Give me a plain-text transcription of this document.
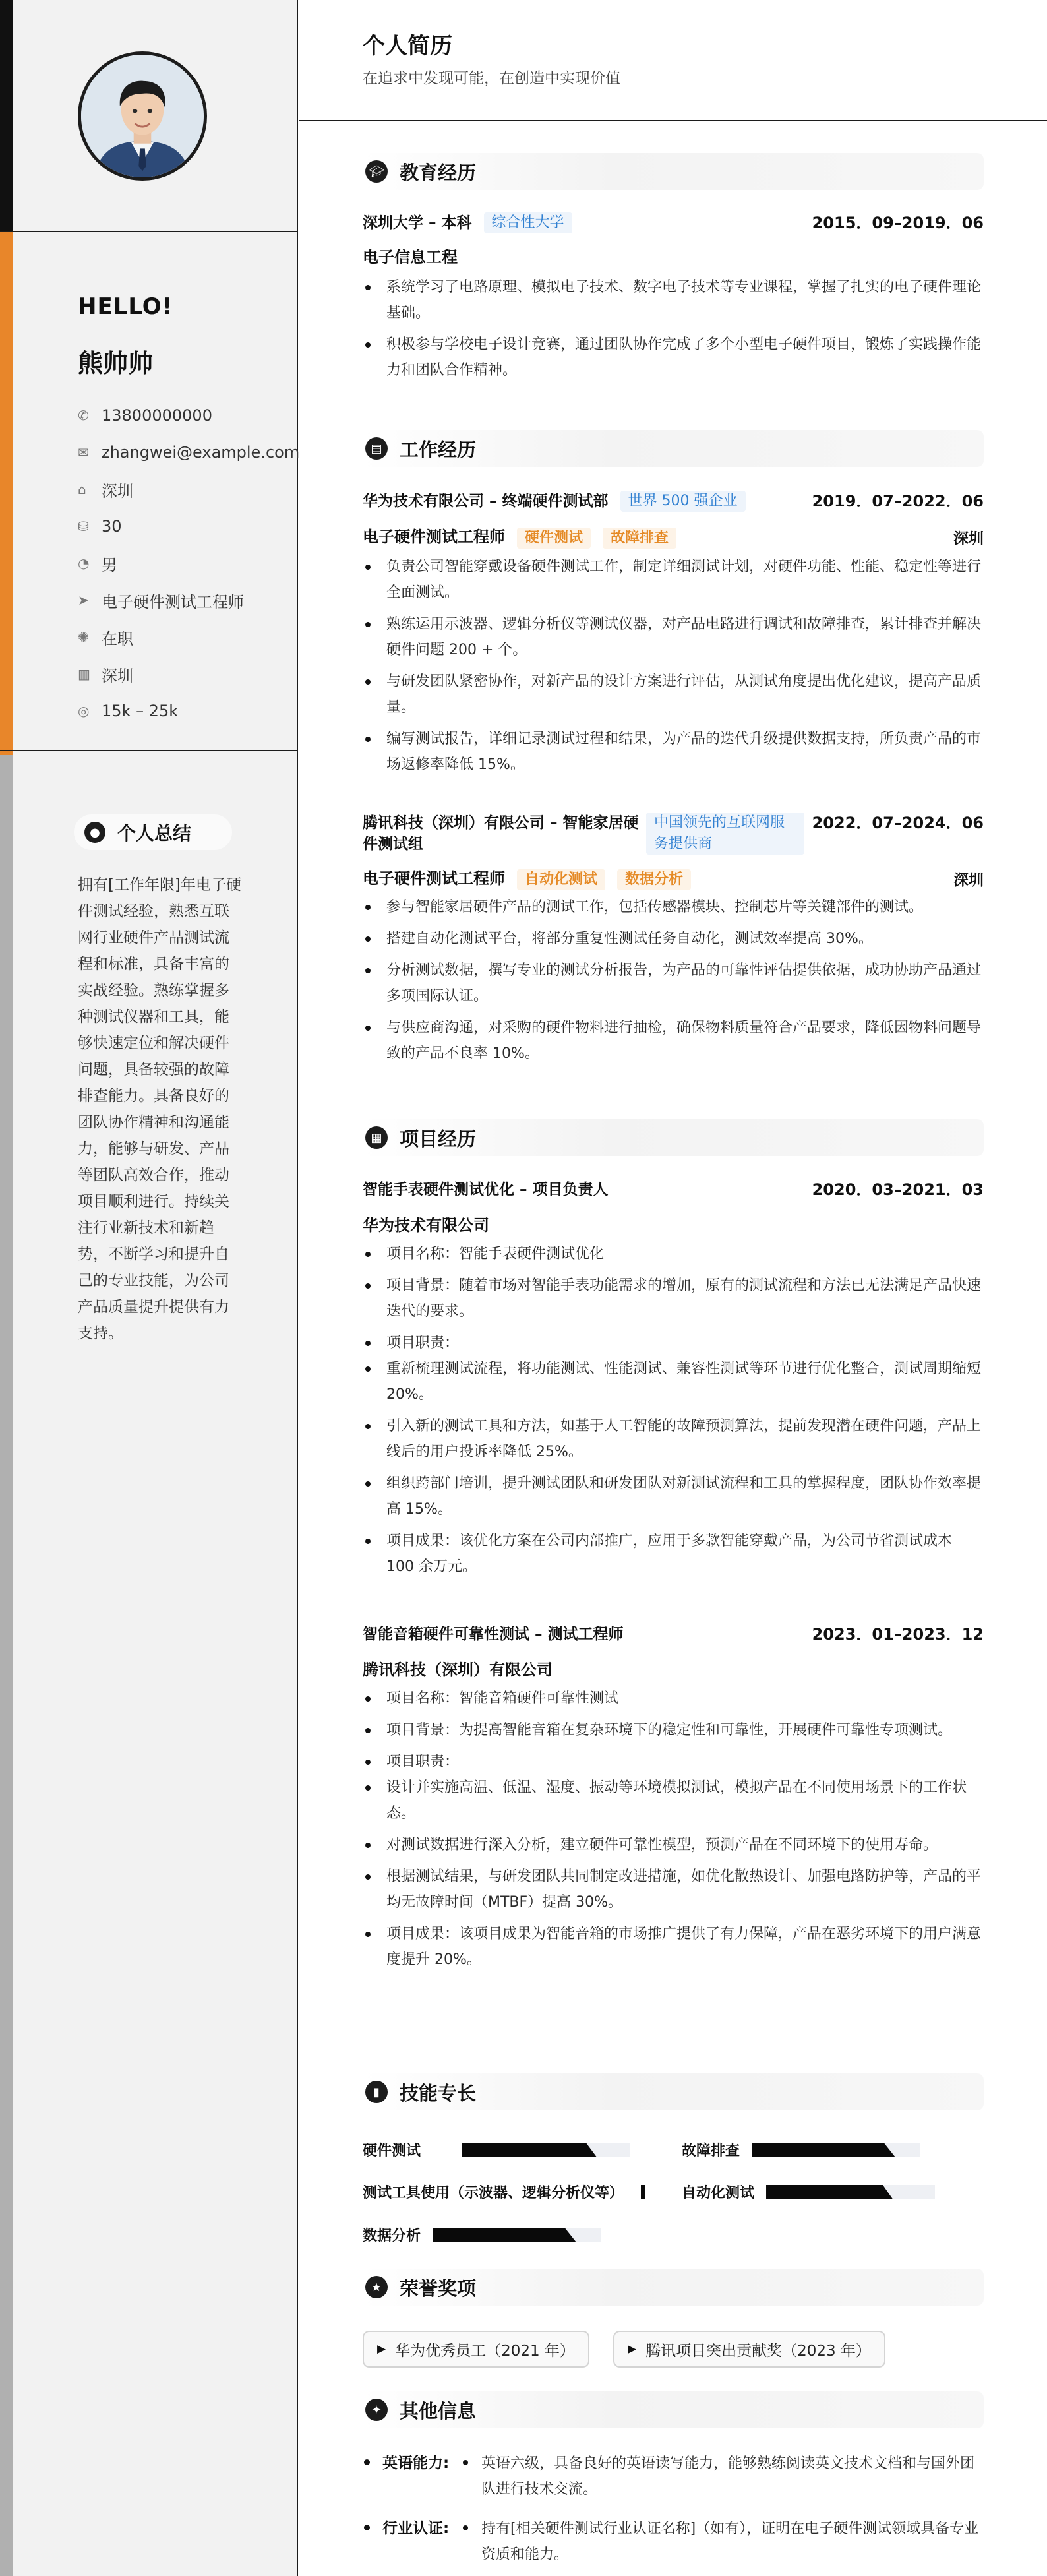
HELLO!
熊帅帅
✆ 13800000000
✉ zhangwei@example.com
⌂ 深圳
⛁ 30
◔ 男
➤ 电子硬件测试工程师
✺ 在职
▥ 深圳
◎ 15k – 25k
● 个人总结
拥有[工作年限]年电子硬件测试经验，熟悉互联网行业硬件产品测试流程和标准，具备丰富的实战经验。熟练掌握多种测试仪器和工具，能够快速定位和解决硬件问题，具备较强的故障排查能力。具备良好的团队协作精神和沟通能力，能够与研发、产品等团队高效合作，推动项目顺利进行。持续关注行业新技术和新趋势，不断学习和提升自己的专业技能，为公司产品质量提升提供有力支持。
个人简历
在追求中发现可能，在创造中实现价值
🎓︎ 教育经历
深圳大学 – 本科 综合性大学	2015．09–2019．06
电子信息工程
系统学习了电路原理、模拟电子技术、数字电子技术等专业课程，掌握了扎实的电子硬件理论基础。
积极参与学校电子设计竞赛，通过团队协作完成了多个小型电子硬件项目，锻炼了实践操作能力和团队合作精神。
▤ 工作经历
华为技术有限公司 – 终端硬件测试部 世界 500 强企业	2019．07–2022．06
电子硬件测试工程师 硬件测试 故障排查	深圳
负责公司智能穿戴设备硬件测试工作，制定详细测试计划，对硬件功能、性能、稳定性等进行全面测试。
熟练运用示波器、逻辑分析仪等测试仪器，对产品电路进行调试和故障排查，累计排查并解决硬件问题 200 + 个。
与研发团队紧密协作，对新产品的设计方案进行评估，从测试角度提出优化建议，提高产品质量。
编写测试报告，详细记录测试过程和结果，为产品的迭代升级提供数据支持，所负责产品的市场返修率降低 15%。
腾讯科技（深圳）有限公司 – 智能家居硬件测试组
中国领先的互联网服务提供商
2022．07–2024．06
电子硬件测试工程师 自动化测试 数据分析	深圳
参与智能家居硬件产品的测试工作，包括传感器模块、控制芯片等关键部件的测试。
搭建自动化测试平台，将部分重复性测试任务自动化，测试效率提高 30%。
分析测试数据，撰写专业的测试分析报告，为产品的可靠性评估提供依据，成功协助产品通过多项国际认证。
与供应商沟通，对采购的硬件物料进行抽检，确保物料质量符合产品要求，降低因物料问题导致的产品不良率 10%。
▦ 项目经历
智能手表硬件测试优化 – 项目负责人	2020．03–2021．03
华为技术有限公司
项目名称：智能手表硬件测试优化
项目背景：随着市场对智能手表功能需求的增加，原有的测试流程和方法已无法满足产品快速迭代的要求。
项目职责：
重新梳理测试流程，将功能测试、性能测试、兼容性测试等环节进行优化整合，测试周期缩短 20%。
引入新的测试工具和方法，如基于人工智能的故障预测算法，提前发现潜在硬件问题，产品上线后的用户投诉率降低 25%。
组织跨部门培训，提升测试团队和研发团队对新测试流程和工具的掌握程度，团队协作效率提高 15%。
项目成果：该优化方案在公司内部推广，应用于多款智能穿戴产品，为公司节省测试成本 100 余万元。
智能音箱硬件可靠性测试 – 测试工程师	2023．01–2023．12
腾讯科技（深圳）有限公司
项目名称：智能音箱硬件可靠性测试
项目背景：为提高智能音箱在复杂环境下的稳定性和可靠性，开展硬件可靠性专项测试。
项目职责：
设计并实施高温、低温、湿度、振动等环境模拟测试，模拟产品在不同使用场景下的工作状态。
对测试数据进行深入分析，建立硬件可靠性模型，预测产品在不同环境下的使用寿命。
根据测试结果，与研发团队共同制定改进措施，如优化散热设计、加强电路防护等，产品的平均无故障时间（MTBF）提高 30%。
项目成果：该项目成果为智能音箱的市场推广提供了有力保障，产品在恶劣环境下的用户满意度提升 20%。
▮	技能专长
硬件测试	故障排查
测试工具使用（示波器、逻辑分析仪等）	自动化测试
数据分析
★ 荣誉奖项
▶ 华为优秀员工（2021 年）	▶ 腾讯项目突出贡献奖（2023 年）
✦ 其他信息
英语能力:	英语六级，具备良好的英语读写能力，能够熟练阅读英文技术文档和与国外团队进行技术交流。
行业认证:	持有[相关硬件测试行业认证名称]（如有），证明在电子硬件测试领域具备专业资质和能力。
